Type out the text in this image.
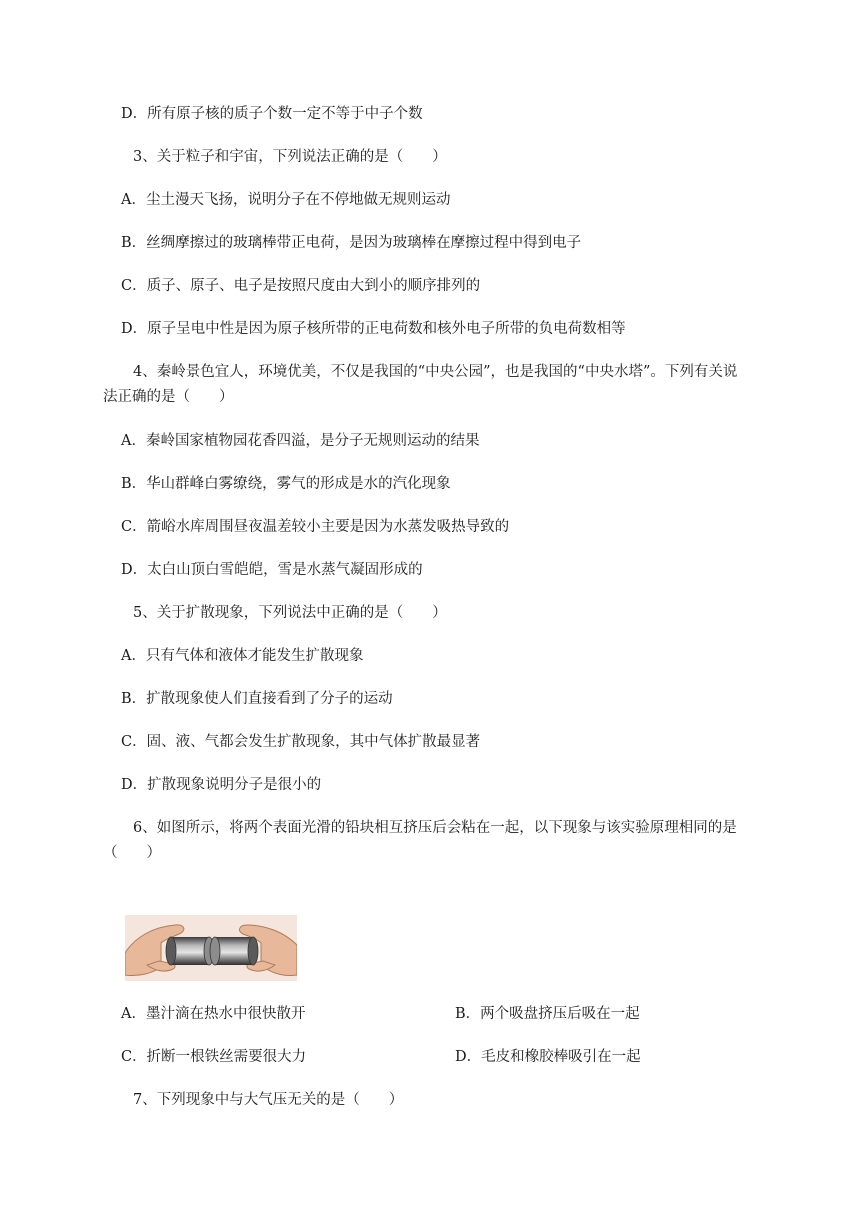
D．所有原子核的质子个数一定不等于中子个数
3、关于粒子和宇宙，下列说法正确的是（　　）
A．尘土漫天飞扬，说明分子在不停地做无规则运动
B．丝绸摩擦过的玻璃棒带正电荷，是因为玻璃棒在摩擦过程中得到电子
C．质子、原子、电子是按照尺度由大到小的顺序排列的
D．原子呈电中性是因为原子核所带的正电荷数和核外电子所带的负电荷数相等
4、秦岭景色宜人，环境优美，不仅是我国的“中央公园”，也是我国的“中央水塔”。下列有关说
法正确的是（　　）
A．秦岭国家植物园花香四溢，是分子无规则运动的结果
B．华山群峰白雾缭绕，雾气的形成是水的汽化现象
C．箭峪水库周围昼夜温差较小主要是因为水蒸发吸热导致的
D．太白山顶白雪皑皑，雪是水蒸气凝固形成的
5、关于扩散现象，下列说法中正确的是（　　）
A．只有气体和液体才能发生扩散现象
B．扩散现象使人们直接看到了分子的运动
C．固、液、气都会发生扩散现象，其中气体扩散最显著
D．扩散现象说明分子是很小的
6、如图所示，将两个表面光滑的铅块相互挤压后会粘在一起，以下现象与该实验原理相同的是
（　　）
A．墨汁滴在热水中很快散开	B．两个吸盘挤压后吸在一起
C．折断一根铁丝需要很大力	D．毛皮和橡胶棒吸引在一起
7、下列现象中与大气压无关的是（　　）
